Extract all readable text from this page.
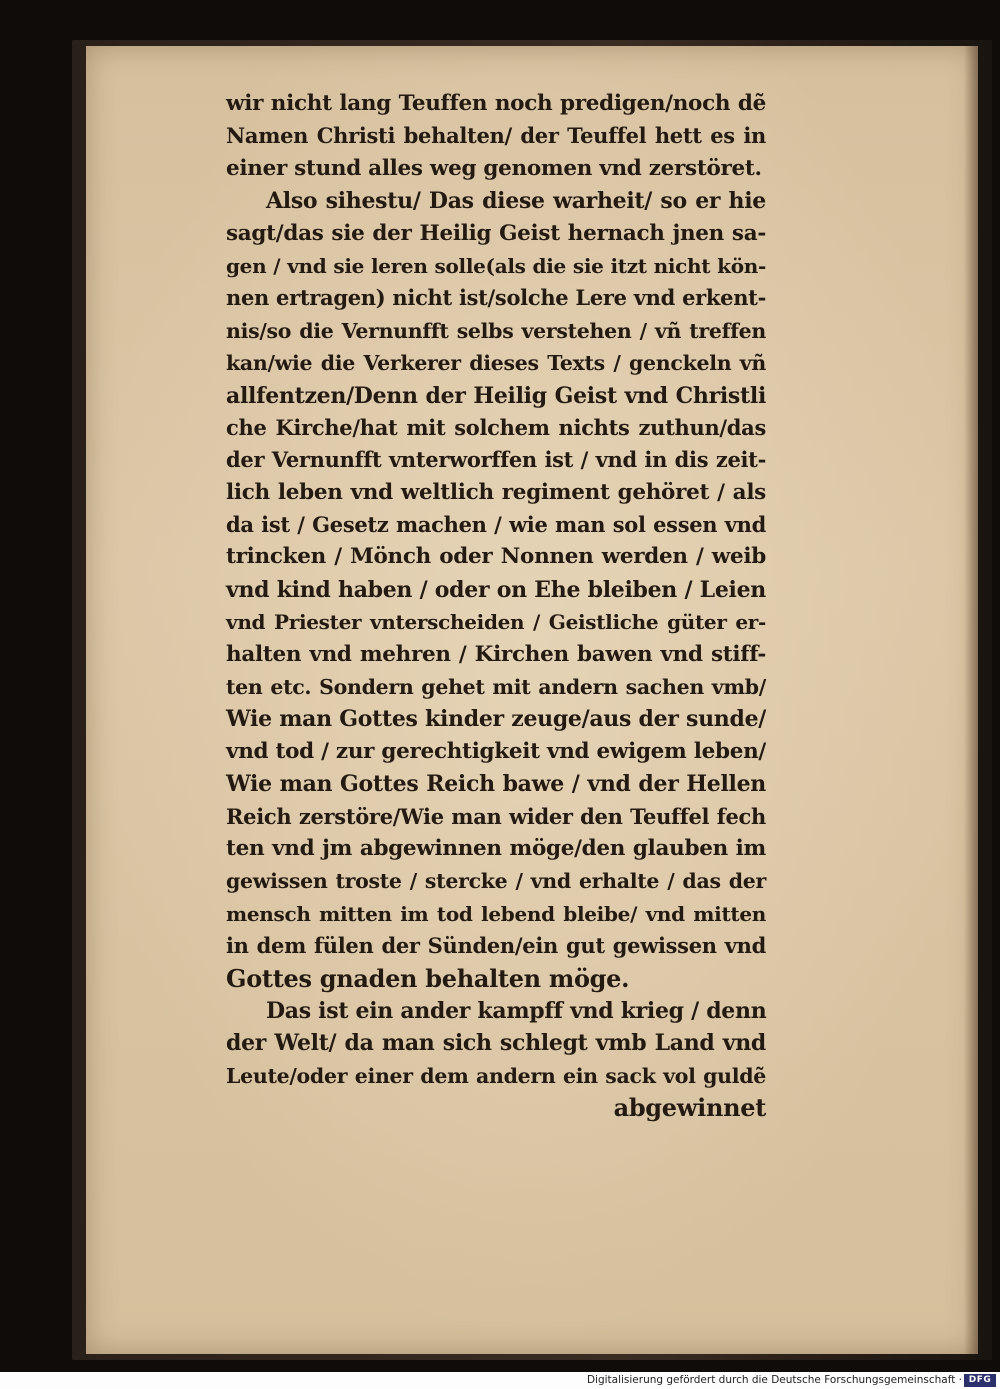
wir nicht lang Teuffen noch predigen/noch dẽ
Namen Christi behalten/ der Teuffel hett es in
einer stund alles weg genomen vnd zerstöret.
Also sihestu/ Das diese warheit/ so er hie
sagt/das sie der Heilig Geist hernach jnen sa-
gen / vnd sie leren solle(als die sie itzt nicht kön-
nen ertragen) nicht ist/solche Lere vnd erkent-
nis/so die Vernunfft selbs verstehen / vñ treffen
kan/wie die Verkerer dieses Texts / genckeln vñ
allfentzen/Denn der Heilig Geist vnd Christli
che Kirche/hat mit solchem nichts zuthun/das
der Vernunfft vnterworffen ist / vnd in dis zeit-
lich leben vnd weltlich regiment gehöret / als
da ist / Gesetz machen / wie man sol essen vnd
trincken / Mönch oder Nonnen werden / weib
vnd kind haben / oder on Ehe bleiben / Leien
vnd Priester vnterscheiden / Geistliche güter er-
halten vnd mehren / Kirchen bawen vnd stiff-
ten etc. Sondern gehet mit andern sachen vmb/
Wie man Gottes kinder zeuge/aus der sunde/
vnd tod / zur gerechtigkeit vnd ewigem leben/
Wie man Gottes Reich bawe / vnd der Hellen
Reich zerstöre/Wie man wider den Teuffel fech
ten vnd jm abgewinnen möge/den glauben im
gewissen troste / stercke / vnd erhalte / das der
mensch mitten im tod lebend bleibe/ vnd mitten
in dem fülen der Sünden/ein gut gewissen vnd
Gottes gnaden behalten möge.
Das ist ein ander kampff vnd krieg / denn
der Welt/ da man sich schlegt vmb Land vnd
Leute/oder einer dem andern ein sack vol guldẽ
abgewinnet
Digitalisierung gefördert durch die Deutsche Forschungsgemeinschaft · DFG
